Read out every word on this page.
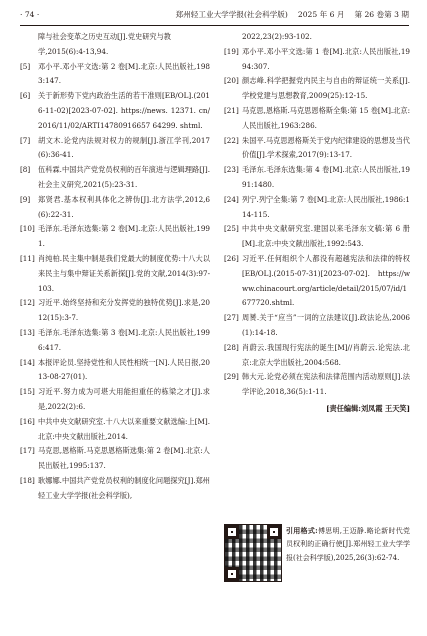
· 74 ·	郑州轻工业大学学报(社会科学版) 2025 年 6 月 第 26 卷第 3 期
障与社会变革之历史互动[J].党史研究与教学,2015(6):4-13,94.
[5]	邓小平.邓小平文选:第 2 卷[M].北京:人民出版社,1983:147.
[6]	关于新形势下党内政治生活的若干准则[EB/OL].(2016-11-02)[2023-07-02]. https://news. 12371. cn/2016/11/02/ARTI14780916657 64299. shtml.
[7]	胡文木.论党内法规对权力的规制[J].浙江学刊,2017(6):36-41.
[8]	伍科霖.中国共产党党员权利的百年演进与逻辑理路[J].社会主义研究,2021(5):23-31.
[9]	郑贤君.基本权利具体化之辨伪[J].北方法学,2012,6(6):22-31.
[10] 毛泽东.毛泽东选集:第 2 卷[M].北京:人民出版社,1991.
[11] 肖纯柏.民主集中制是我们党最大的制度优势:十八大以来民主与集中辩证关系新探[J].党的文献,2014(3):97-103.
[12] 习近平.始终坚持和充分发挥党的独特优势[J].求是,2012(15):3-7.
[13] 毛泽东.毛泽东选集:第 3 卷[M].北京:人民出版社,1996:417.
[14] 本报评论员.坚持党性和人民性相统一[N].人民日报,2013-08-27(01).
[15] 习近平.努力成为可堪大用能担重任的栋梁之才[J].求是,2022(2):6.
[16] 中共中央文献研究室.十八大以来重要文献选编:上[M].北京:中央文献出版社,2014.
[17] 马克思,恩格斯.马克思恩格斯选集:第 2 卷[M].北京:人民出版社,1995:137.
[18] 耿娜娜.中国共产党党员权利的制度化问题探究[J].郑州轻工业大学学报(社会科学版),
2022,23(2):93-102.
[19] 邓小平.邓小平文选:第 1 卷[M].北京:人民出版社,1994:307.
[20] 颜志峰.科学把握党内民主与自由的辩证统一关系[J].学校党建与思想教育,2009(25):12-15.
[21] 马克思,恩格斯.马克思恩格斯全集:第 15 卷[M].北京:人民出版社,1963:286.
[22] 朱国平.马克思恩格斯关于党内纪律建设的思想及当代价值[J].学术探索,2017(9):13-17.
[23] 毛泽东.毛泽东选集:第 4 卷[M].北京:人民出版社,1991:1480.
[24] 列宁.列宁全集:第 7 卷[M].北京:人民出版社,1986:114-115.
[25] 中共中央文献研究室.建国以来毛泽东文稿:第 6 册[M].北京:中央文献出版社,1992:543.
[26] 习近平.任何组织个人都没有超越宪法和法律的特权[EB/OL].(2015-07-31)[2023-07-02]. https://www.chinacourt.org/article/detail/2015/07/id/1677720.shtml.
[27] 周赟.关于“应当”一词的立法建议[J].政法论丛,2006(1):14-18.
[28] 肖蔚云.我国现行宪法的诞生[M]//肖蔚云.论宪法.北京:北京大学出版社,2004:568.
[29] 韩大元.论党必须在宪法和法律范围内活动原则[J].法学评论,2018,36(5):1-11.
[责任编辑:刘凤霞 王天笑]
引用格式:傅思明,王迈静.略论新时代党员权利的正确行使[J].郑州轻工业大学学报(社会科学版),2025,26(3):62-74.
